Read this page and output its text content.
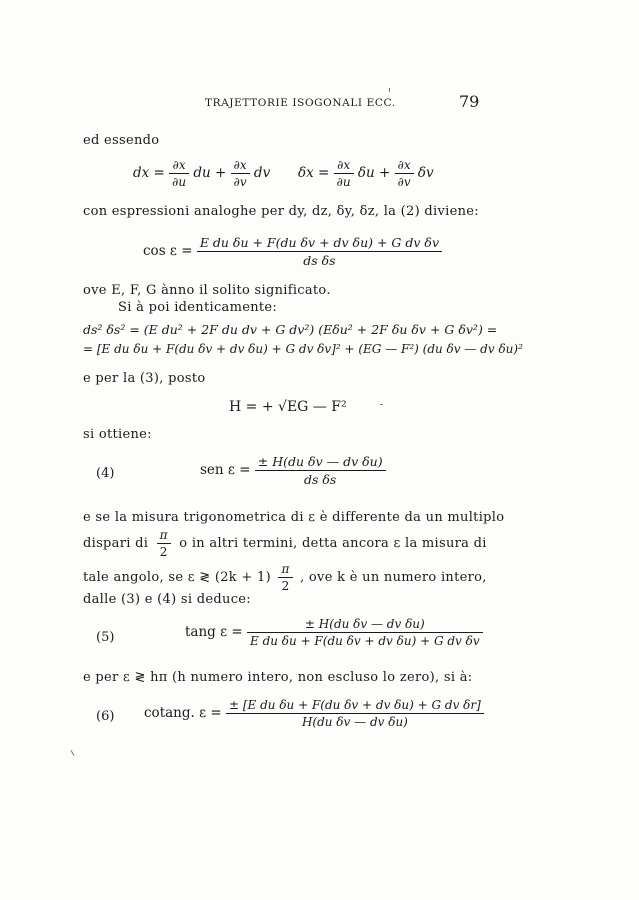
TRAJETTORIE ISOGONALI ECC.	79
ed essendo
dx = $\frac{\partial x}{\partial u}$ du + $\frac{\partial x}{\partial v}$ dv $\delta x = \frac{\partial x}{\partial u}$ $\delta u + \frac{\partial x}{\partial v}$ δv
con espressioni analoghe per dy, dz, δy, δz, la (2) diviene:
$\cos \varepsilon = \frac{\text{E du δu + F(du δv + dv δu) + G dv δv}}{\text{ds δs}}$
ove E, F, G ànno il solito significato.
Si à poi identicamente:
ds² δs² = (E du² + 2F du dv + G dv²) (Eδu² + 2F δu δv + G δv²) =
= [E du δu + F(du δv + dv δu) + G dv δv]² + (EG — F²) (du δv — dv δu)²
e per la (3), posto
H = + √EG — F²
si ottiene:
(4)	sen $\varepsilon = \frac{\text{± H(du δv — dv δu)}}{\text{ds δs}}$
e se la misura trigonometrica di ε è differente da un multiplo
dispari di $\frac{\pi}{2}$ o in altri termini, detta ancora ε la misura di
tale angolo, se ε ≷ $(2k + 1) \frac{\pi}{2}$ , ove k è un numero intero,
dalle (3) e (4) si deduce:
(5)	tang $\varepsilon = \frac{\text{± H(du δv — dv δu)}}{\text{E du δu + F(du δv + dv δu) + G dv δv}}$
e per ε ≷ hπ (h numero intero, non escluso lo zero), si à:
(6) cotang. $\varepsilon = \frac{\text{± [E du δu + F(du δv + dv δu) + G dv δr]}}{\text{H(du δv — dv δu)}}$
